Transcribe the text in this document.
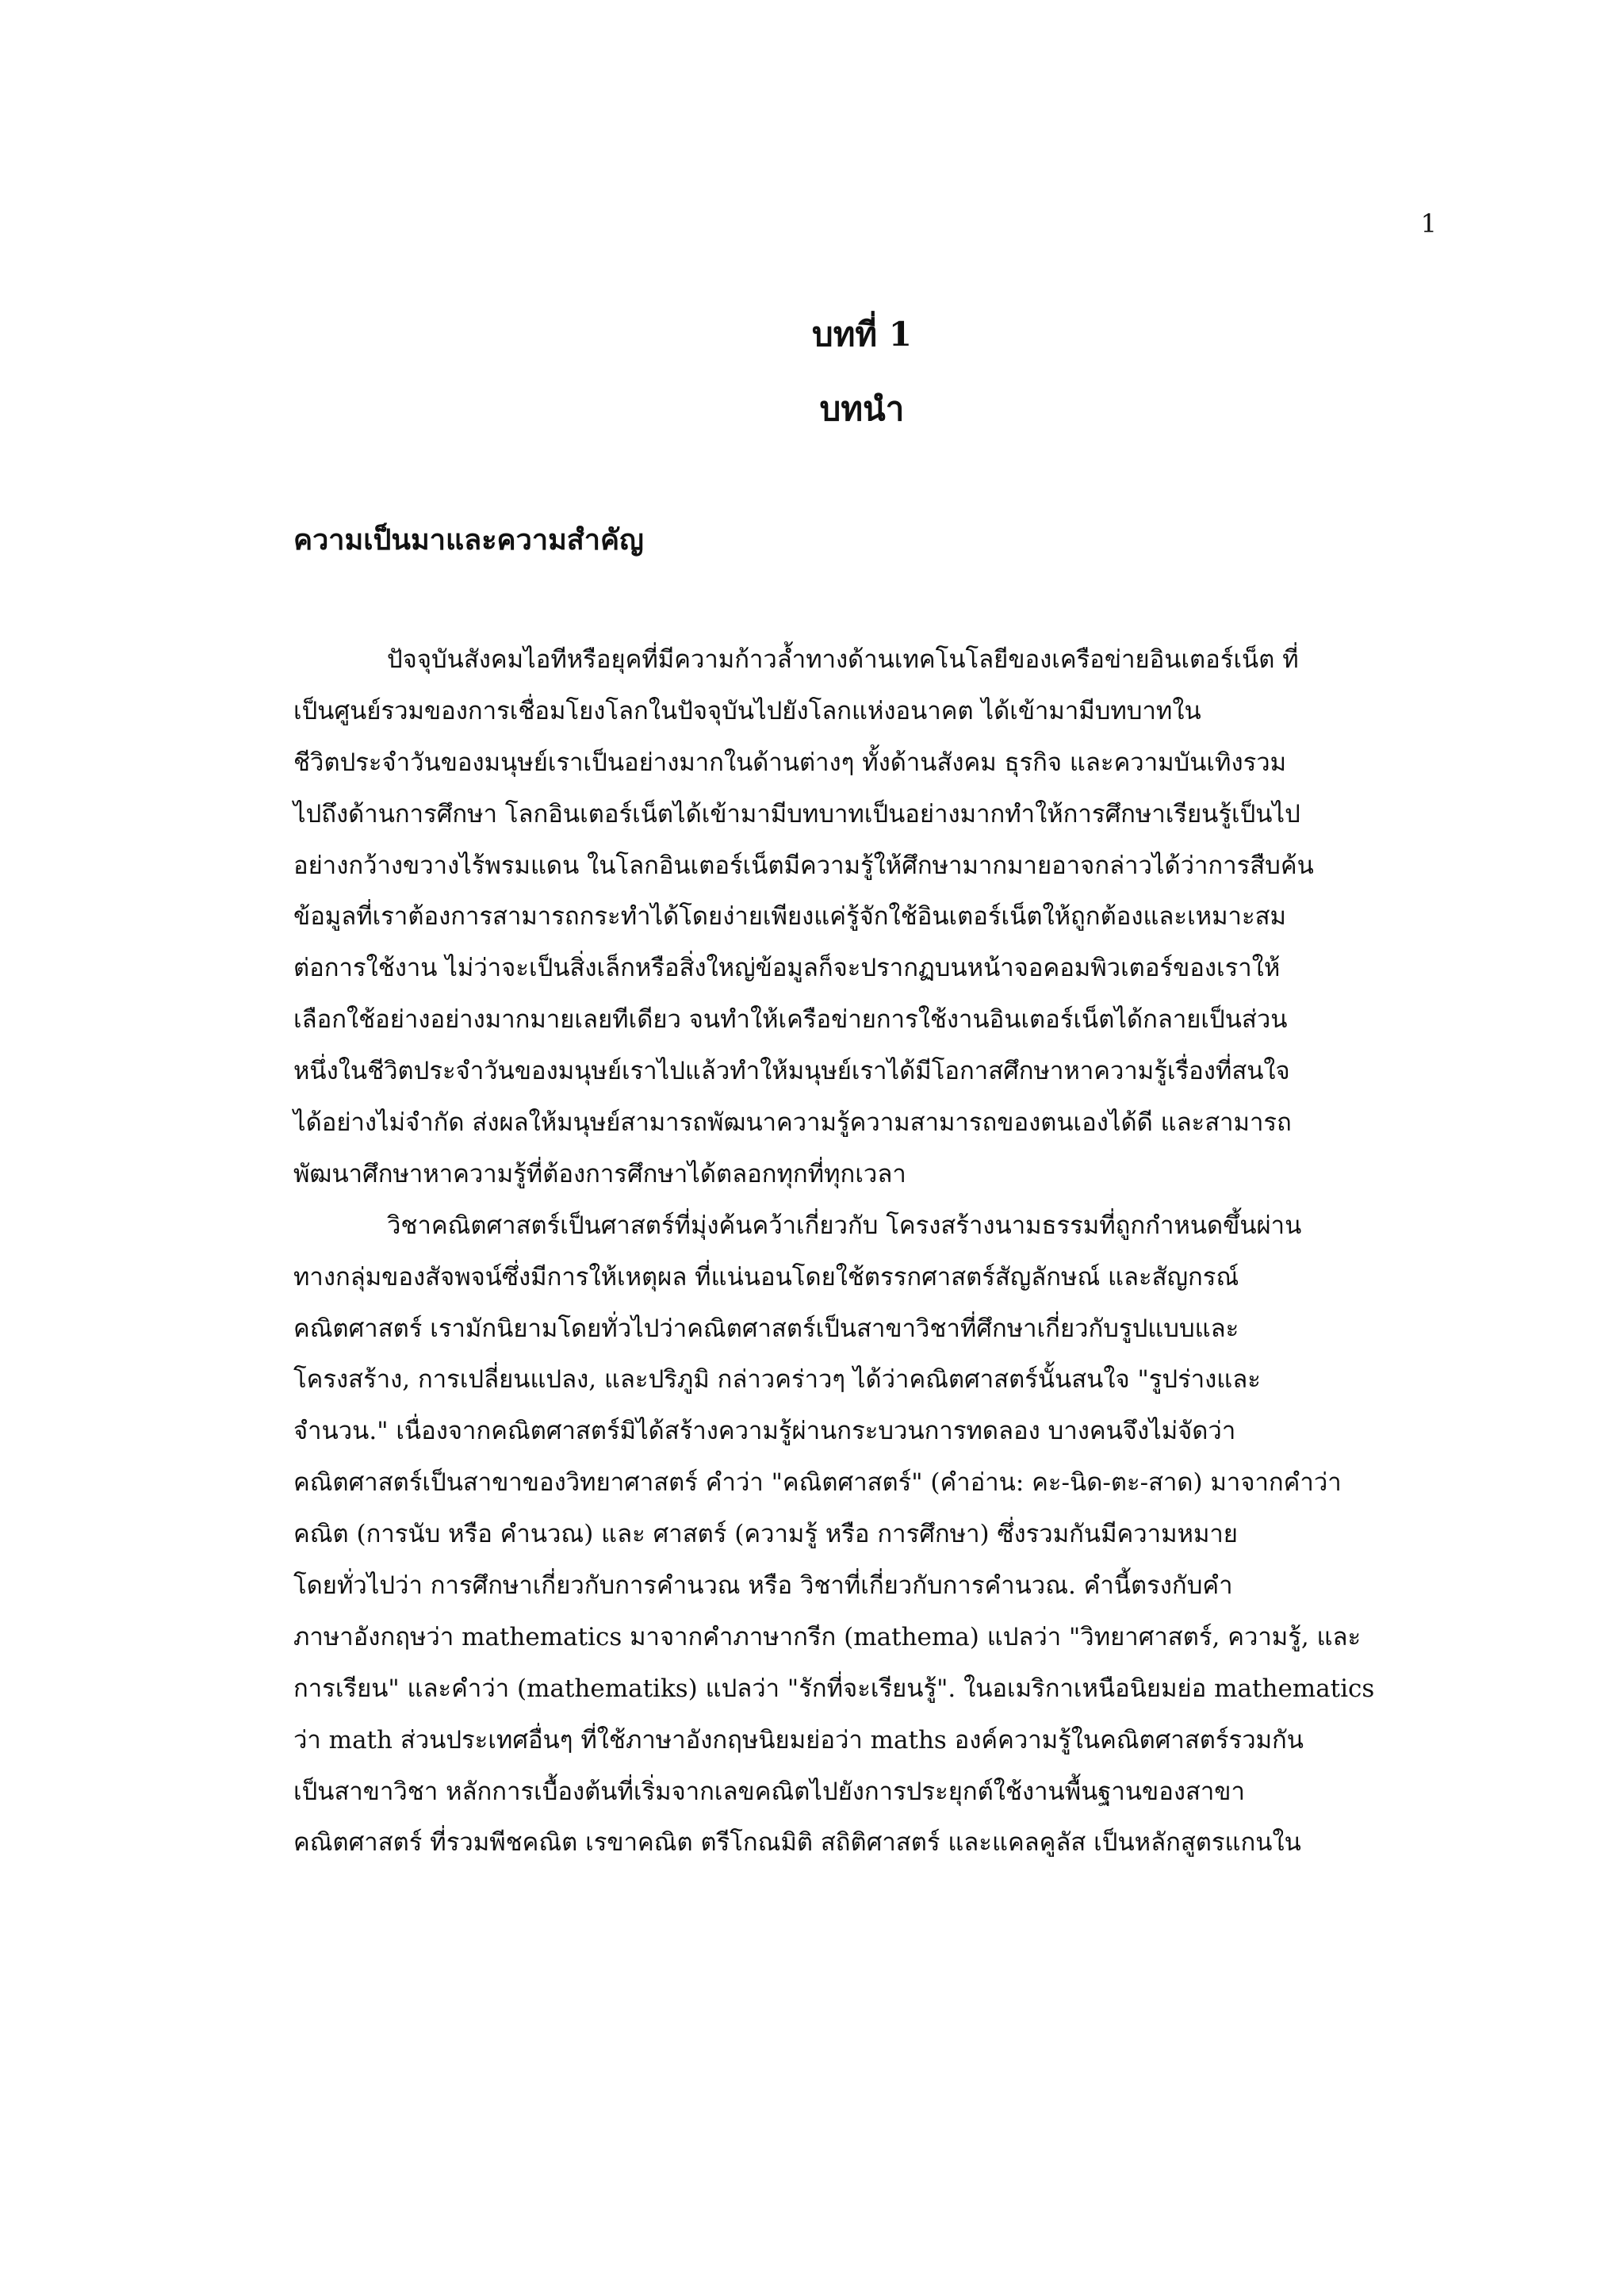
1
บทที่ 1
บทนำ
ความเป็นมาและความสำคัญ
ปัจจุบันสังคมไอทีหรือยุคที่มีความก้าวล้ำทางด้านเทคโนโลยีของเครือข่ายอินเตอร์เน็ต ที่
เป็นศูนย์รวมของการเชื่อมโยงโลกในปัจจุบันไปยังโลกแห่งอนาคต ได้เข้ามามีบทบาทใน
ชีวิตประจำวันของมนุษย์เราเป็นอย่างมากในด้านต่างๆ ทั้งด้านสังคม ธุรกิจ และความบันเทิงรวม
ไปถึงด้านการศึกษา โลกอินเตอร์เน็ตได้เข้ามามีบทบาทเป็นอย่างมากทำให้การศึกษาเรียนรู้เป็นไป
อย่างกว้างขวางไร้พรมแดน ในโลกอินเตอร์เน็ตมีความรู้ให้ศึกษามากมายอาจกล่าวได้ว่าการสืบค้น
ข้อมูลที่เราต้องการสามารถกระทำได้โดยง่ายเพียงแค่รู้จักใช้อินเตอร์เน็ตให้ถูกต้องและเหมาะสม
ต่อการใช้งาน ไม่ว่าจะเป็นสิ่งเล็กหรือสิ่งใหญ่ข้อมูลก็จะปรากฏบนหน้าจอคอมพิวเตอร์ของเราให้
เลือกใช้อย่างอย่างมากมายเลยทีเดียว จนทำให้เครือข่ายการใช้งานอินเตอร์เน็ตได้กลายเป็นส่วน
หนึ่งในชีวิตประจำวันของมนุษย์เราไปแล้วทำให้มนุษย์เราได้มีโอกาสศึกษาหาความรู้เรื่องที่สนใจ
ได้อย่างไม่จำกัด ส่งผลให้มนุษย์สามารถพัฒนาความรู้ความสามารถของตนเองได้ดี และสามารถ
พัฒนาศึกษาหาความรู้ที่ต้องการศึกษาได้ตลอกทุกที่ทุกเวลา
วิชาคณิตศาสตร์เป็นศาสตร์ที่มุ่งค้นคว้าเกี่ยวกับ โครงสร้างนามธรรมที่ถูกกำหนดขึ้นผ่าน
ทางกลุ่มของสัจพจน์ซึ่งมีการให้เหตุผล ที่แน่นอนโดยใช้ตรรกศาสตร์สัญลักษณ์ และสัญกรณ์
คณิตศาสตร์ เรามักนิยามโดยทั่วไปว่าคณิตศาสตร์เป็นสาขาวิชาที่ศึกษาเกี่ยวกับรูปแบบและ
โครงสร้าง, การเปลี่ยนแปลง, และปริภูมิ กล่าวคร่าวๆ ได้ว่าคณิตศาสตร์นั้นสนใจ "รูปร่างและ
จำนวน." เนื่องจากคณิตศาสตร์มิได้สร้างความรู้ผ่านกระบวนการทดลอง บางคนจึงไม่จัดว่า
คณิตศาสตร์เป็นสาขาของวิทยาศาสตร์ คำว่า "คณิตศาสตร์" (คำอ่าน: คะ-นิด-ตะ-สาด) มาจากคำว่า
คณิต (การนับ หรือ คำนวณ) และ ศาสตร์ (ความรู้ หรือ การศึกษา) ซึ่งรวมกันมีความหมาย
โดยทั่วไปว่า การศึกษาเกี่ยวกับการคำนวณ หรือ วิชาที่เกี่ยวกับการคำนวณ. คำนี้ตรงกับคำ
ภาษาอังกฤษว่า mathematics มาจากคำภาษากรีก (mathema) แปลว่า "วิทยาศาสตร์, ความรู้, และ
การเรียน" และคำว่า (mathematiks) แปลว่า "รักที่จะเรียนรู้". ในอเมริกาเหนือนิยมย่อ mathematics
ว่า math ส่วนประเทศอื่นๆ ที่ใช้ภาษาอังกฤษนิยมย่อว่า maths องค์ความรู้ในคณิตศาสตร์รวมกัน
เป็นสาขาวิชา หลักการเบื้องต้นที่เริ่มจากเลขคณิตไปยังการประยุกต์ใช้งานพื้นฐานของสาขา
คณิตศาสตร์ ที่รวมพีชคณิต เรขาคณิต ตรีโกณมิติ สถิติศาสตร์ และแคลคูลัส เป็นหลักสูตรแกนใน
